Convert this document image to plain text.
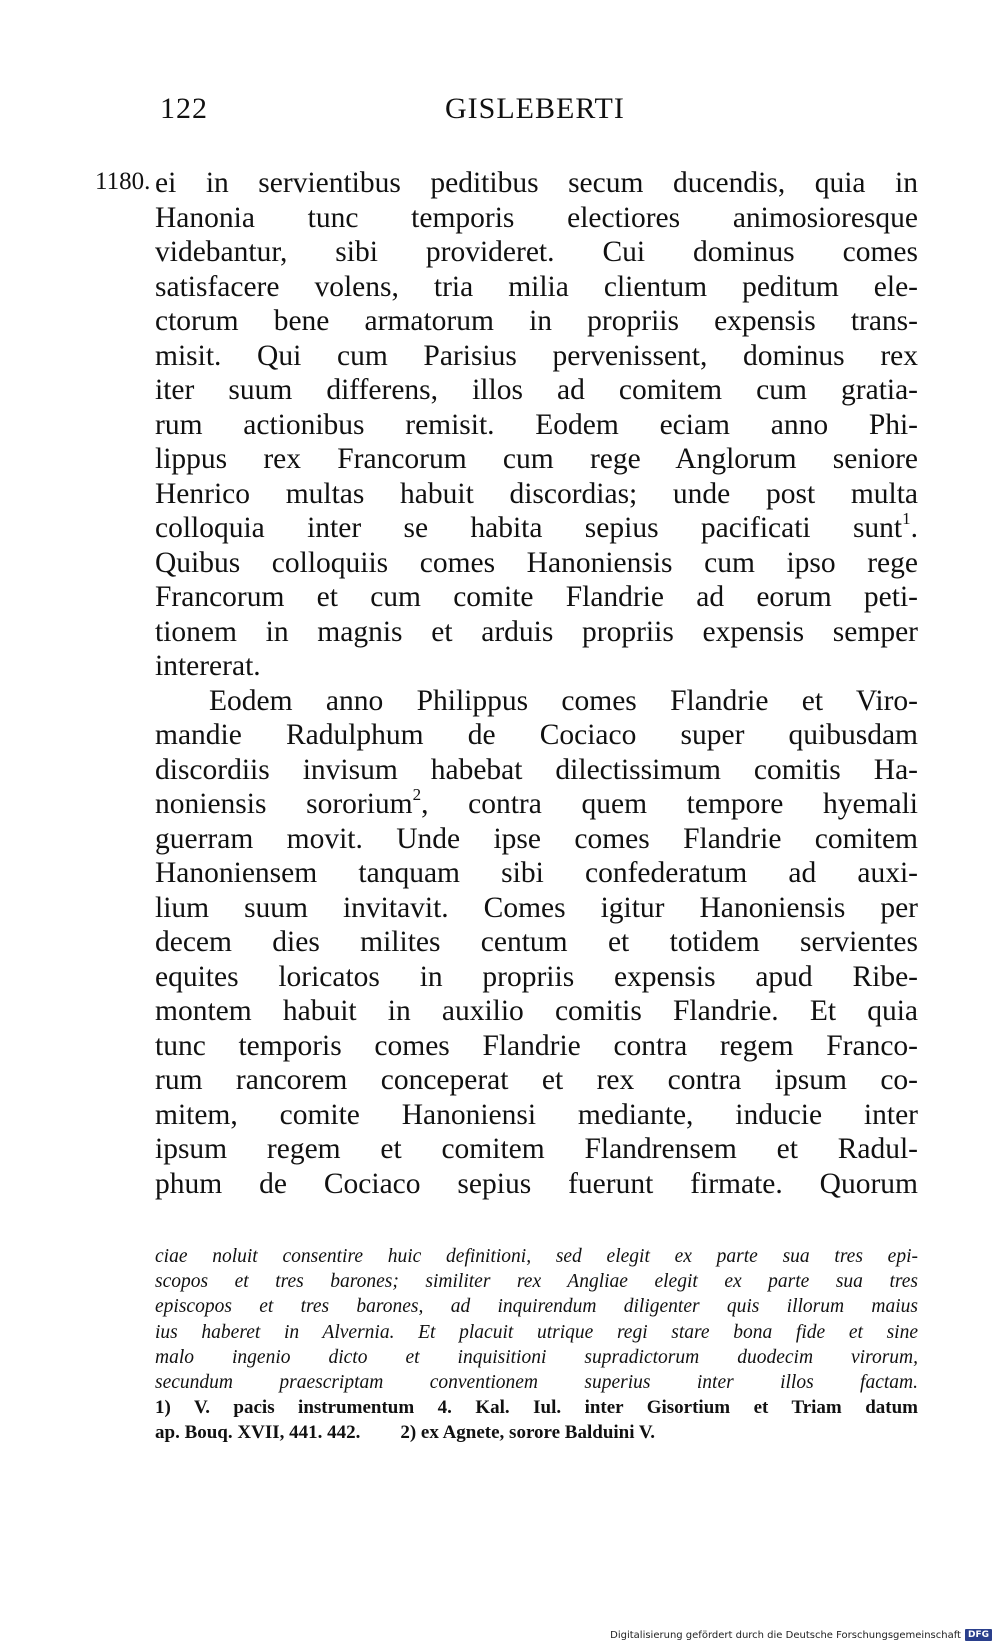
122	GISLEBERTI
1180. ei in servientibus peditibus secum ducendis, quia in
Hanonia tunc temporis electiores animosioresque
videbantur, sibi provideret. Cui dominus comes
satisfacere volens, tria milia clientum peditum ele-
ctorum bene armatorum in propriis expensis trans-
misit. Qui cum Parisius pervenissent, dominus rex
iter suum differens, illos ad comitem cum gratia-
rum actionibus remisit. Eodem eciam anno Phi-
lippus rex Francorum cum rege Anglorum seniore
Henrico multas habuit discordias; unde post multa
colloquia inter se habita sepius pacificati sunt$^1$.
Quibus colloquiis comes Hanoniensis cum ipso rege
Francorum et cum comite Flandrie ad eorum peti-
tionem in magnis et arduis propriis expensis semper
intererat.
Eodem anno Philippus comes Flandrie et Viro-
mandie Radulphum de Cociaco super quibusdam
discordiis invisum habebat dilectissimum comitis Ha-
noniensis sororium$^2$, contra quem tempore hyemali
guerram movit. Unde ipse comes Flandrie comitem
Hanoniensem tanquam sibi confederatum ad auxi-
lium suum invitavit. Comes igitur Hanoniensis per
decem dies milites centum et totidem servientes
equites loricatos in propriis expensis apud Ribe-
montem habuit in auxilio comitis Flandrie. Et quia
tunc temporis comes Flandrie contra regem Franco-
rum rancorem conceperat et rex contra ipsum co-
mitem, comite Hanoniensi mediante, inducie inter
ipsum regem et comitem Flandrensem et Radul-
phum de Cociaco sepius fuerunt firmate. Quorum
ciae noluit consentire huic definitioni, sed elegit ex parte sua tres epi-
scopos et tres barones; similiter rex Angliae elegit ex parte sua tres
episcopos et tres barones, ad inquirendum diligenter quis illorum maius
ius haberet in Alvernia. Et placuit utrique regi stare bona fide et sine
malo ingenio dicto et inquisitioni supradictorum duodecim virorum,
secundum praescriptam conventionem superius inter illos factam.
1) V. pacis instrumentum 4. Kal. Iul. inter Gisortium et Triam datum
ap. Bouq. XVII, 441. 442. 2) ex Agnete, sorore Balduini V.
Digitalisierung gefördert durch die Deutsche Forschungsgemeinschaft DFG
